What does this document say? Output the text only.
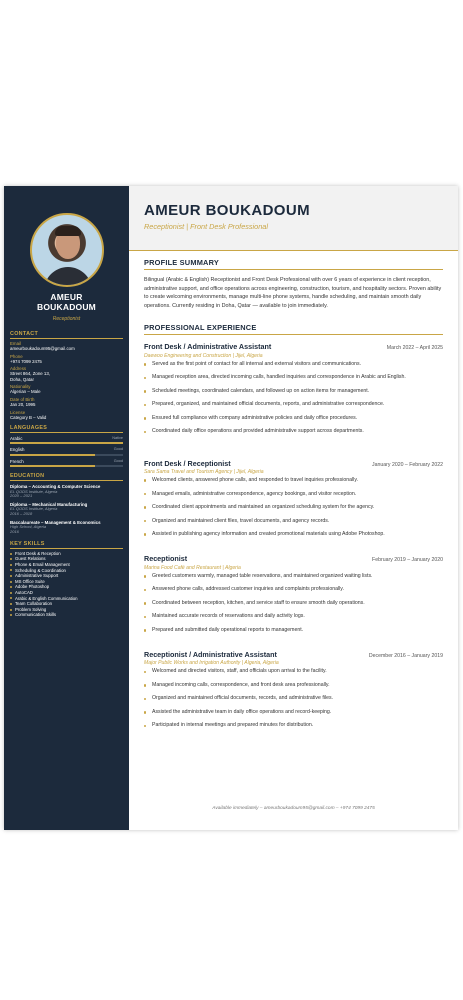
AMEUR
BOUKADOUM
Receptionist
CONTACT
Email
ameurboukadoum95@gmail.com
Phone
+974 7099 2475
Address
Street 864, Zone 13,
Doha, Qatar
Nationality
Algerian – Male
Date of Birth
Jan 20, 1995
License
Category B – Valid
LANGUAGES
Arabic	Native
English	Good
French	Good
EDUCATION
Diploma – Accounting & Computer Science
EL QODS Institute, Algeria
2020 – 2021
Diploma – Mechanical Manufacturing
EL QODS Institute, Algeria
2016 – 2018
Baccalaureate – Management & Economics
High School, Algeria
2016
KEY SKILLS
Front Desk & Reception
Guest Relations
Phone & Email Management
Scheduling & Coordination
Administrative Support
MS Office Suite
Adobe Photoshop
AutoCAD
Arabic & English Communication
Team Collaboration
Problem Solving
Communication Skills
AMEUR BOUKADOUM
Receptionist | Front Desk Professional
PROFILE SUMMARY

Bilingual (Arabic & English) Receptionist and Front Desk Professional with over 6 years of experience in client reception, administrative support, and office operations across engineering, construction, tourism, and hospitality sectors. Proven ability to create welcoming environments, manage multi-line phone systems, handle scheduling, and maintain smooth daily operations. Currently residing in Doha, Qatar — available to join immediately.

PROFESSIONAL EXPERIENCE
Front Desk / Administrative Assistant	March 2022 – April 2025
Daewoo Engineering and Construction | Jijel, Algeria
Served as the first point of contact for all internal and external visitors and communications.
Managed reception area, directed incoming calls, handled inquiries and correspondence in Arabic and English.
Scheduled meetings, coordinated calendars, and followed up on action items for management.
Prepared, organized, and maintained official documents, reports, and administrative correspondence.
Ensured full compliance with company administrative policies and daily office procedures.
Coordinated daily office operations and provided administrative support across departments.
Front Desk / Receptionist	January 2020 – February 2022
Sara Sama Travel and Tourism Agency | Jijel, Algeria
Welcomed clients, answered phone calls, and responded to travel inquiries professionally.
Managed emails, administrative correspondence, agency bookings, and visitor reception.
Coordinated client appointments and maintained an organized scheduling system for the agency.
Organized and maintained client files, travel documents, and agency records.
Assisted in publishing agency information and created promotional materials using Adobe Photoshop.
Receptionist	February 2019 – January 2020
Marina Food Café and Restaurant | Algeria
Greeted customers warmly, managed table reservations, and maintained organized waiting lists.
Answered phone calls, addressed customer inquiries and complaints professionally.
Coordinated between reception, kitchen, and service staff to ensure smooth daily operations.
Maintained accurate records of reservations and daily activity logs.
Prepared and submitted daily operational reports to management.
Receptionist / Administrative Assistant	December 2016 – January 2019
Major Public Works and Irrigation Authority | Algeria, Algeria
Welcomed and directed visitors, staff, and officials upon arrival to the facility.
Managed incoming calls, correspondence, and front desk area professionally.
Organized and maintained official documents, records, and administrative files.
Assisted the administrative team in daily office operations and record-keeping.
Participated in internal meetings and prepared minutes for distribution.
Available immediately – ameurboukadoum95@gmail.com – +974 7099 2475
